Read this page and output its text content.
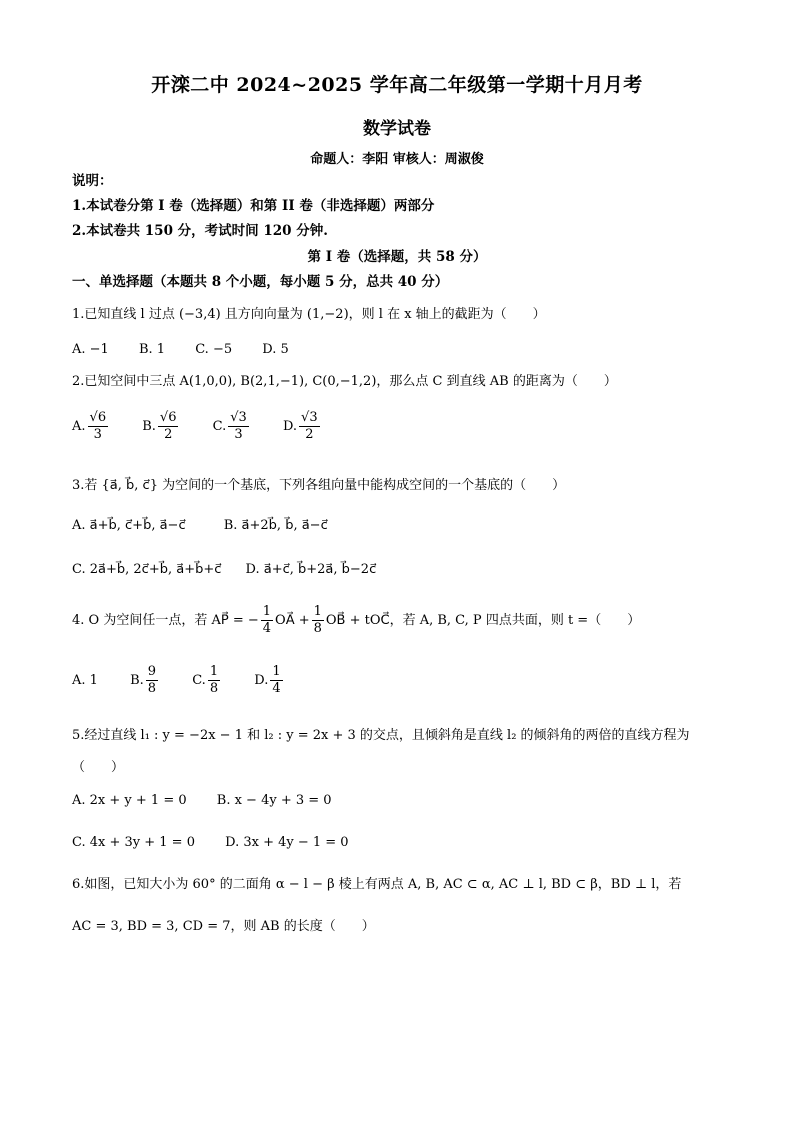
开滦二中 2024~2025 学年高二年级第一学期十月月考
数学试卷
命题人：李阳 审核人：周淑俊
说明：
1.本试卷分第 I 卷（选择题）和第 II 卷（非选择题）两部分
2.本试卷共 150 分，考试时间 120 分钟.
第 I 卷（选择题，共 58 分）
一、单选择题（本题共 8 个小题，每小题 5 分，总共 40 分）
1.已知直线 l 过点 (−3,4) 且方向向量为 (1,−2)，则 l 在 x 轴上的截距为（　　）
A. −1 B. 1 C. −5 D. 5
2.已知空间中三点 A(1,0,0), B(2,1,−1), C(0,−1,2)，那么点 C 到直线 AB 的距离为（　　）
A. $\frac{√6}{3}$	B. $\frac{√6}{2}$	C. $\frac{√3}{3}$	D. $\frac{√3}{2}$
3.若 {a⃗, b⃗, c⃗} 为空间的一个基底，下列各组向量中能构成空间的一个基底的（　　）
A. a⃗+b⃗, c⃗+b⃗, a⃗−c⃗	B. a⃗+2b⃗, b⃗, a⃗−c⃗
C. 2a⃗+b⃗, 2c⃗+b⃗, a⃗+b⃗+c⃗ D. a⃗+c⃗, b⃗+2a⃗, b⃗−2c⃗
4. O 为空间任一点，若 AP⃗ = − $\frac{1}{4}$ OA⃗ + $\frac{1}{8}$ OB⃗ + tOC⃗，若 A, B, C, P 四点共面，则 t =（　　）
A. 1 B. $\frac{9}{8}$	C. $\frac{1}{8}$	D. $\frac{1}{4}$
5.经过直线 l₁ : y = −2x − 1 和 l₂ : y = 2x + 3 的交点，且倾斜角是直线 l₂ 的倾斜角的两倍的直线方程为
（　　）
A. 2x + y + 1 = 0 B. x − 4y + 3 = 0
C. 4x + 3y + 1 = 0 D. 3x + 4y − 1 = 0
6.如图，已知大小为 60° 的二面角 α − l − β 棱上有两点 A, B, AC ⊂ α, AC ⊥ l, BD ⊂ β，BD ⊥ l，若
AC = 3, BD = 3, CD = 7，则 AB 的长度（　　）
